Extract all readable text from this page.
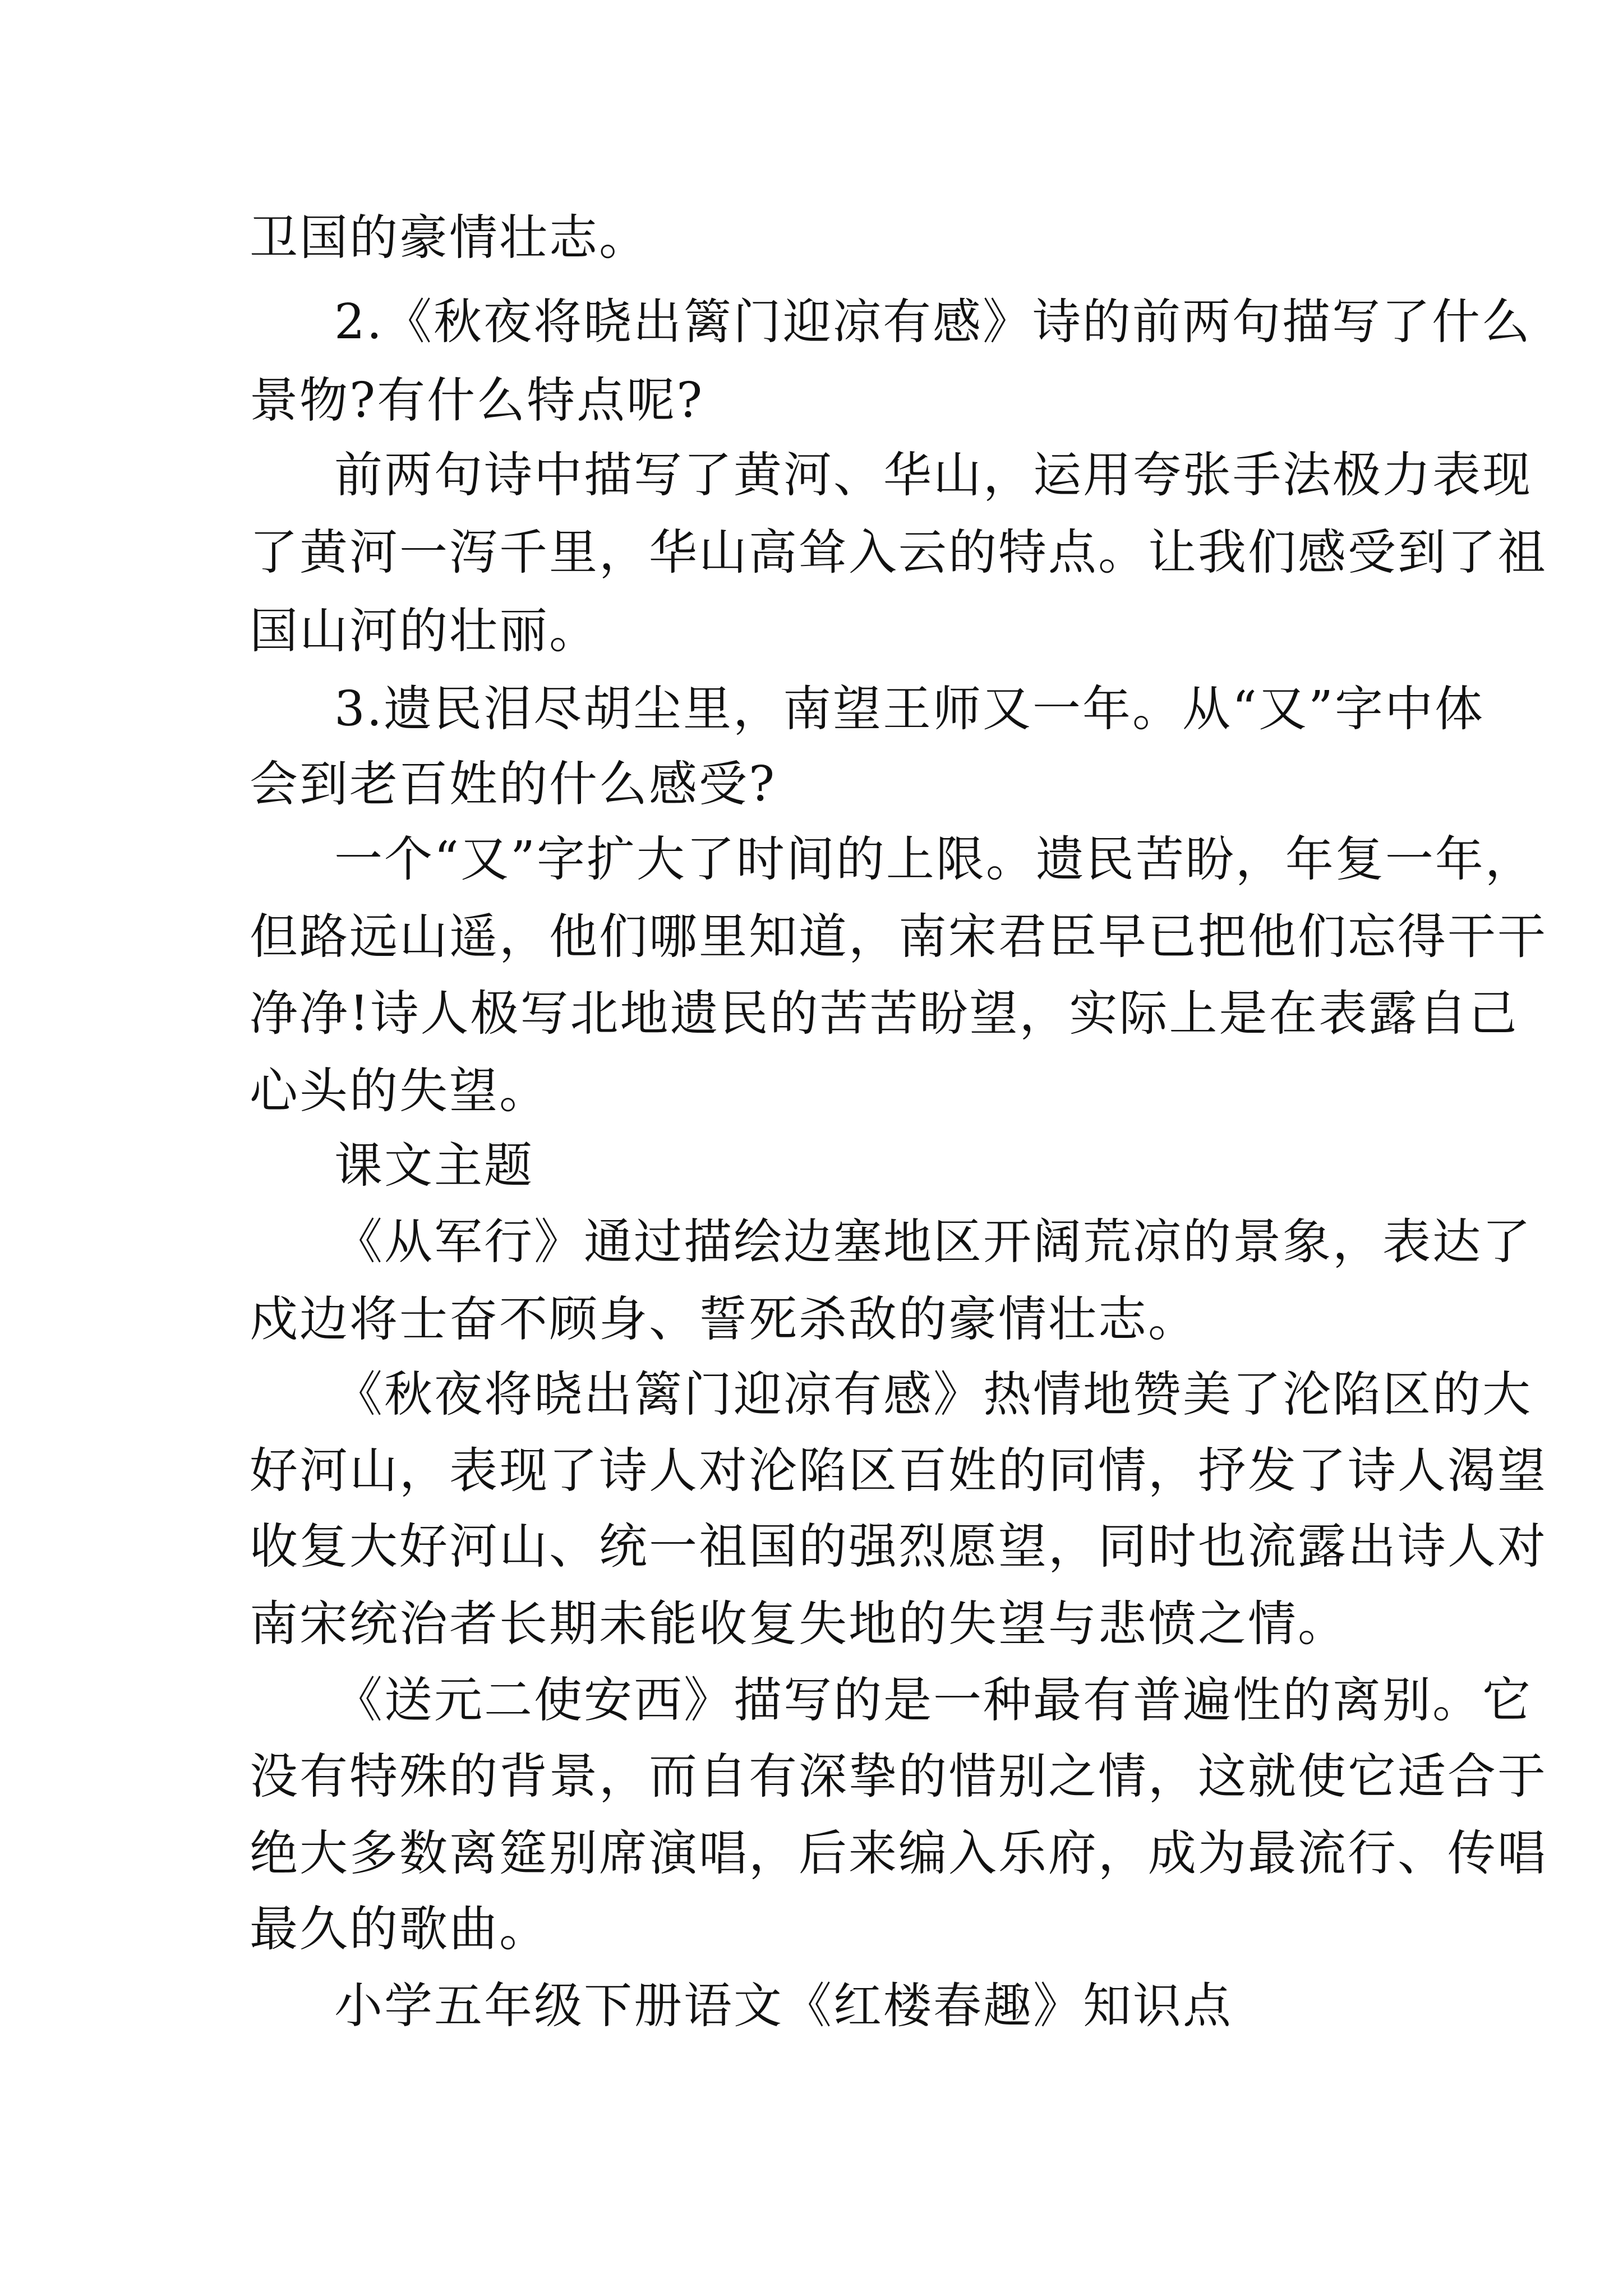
卫国的豪情壮志。
2.《秋夜将晓出篱门迎凉有感》诗的前两句描写了什么
景物?有什么特点呢?
前两句诗中描写了黄河、华山，运用夸张手法极力表现
了黄河一泻千里，华山高耸入云的特点。让我们感受到了祖
国山河的壮丽。
3.遗民泪尽胡尘里，南望王师又一年。从“又”字中体
会到老百姓的什么感受?
一个“又”字扩大了时间的上限。遗民苦盼，年复一年，
但路远山遥，他们哪里知道，南宋君臣早已把他们忘得干干
净净!诗人极写北地遗民的苦苦盼望，实际上是在表露自己
心头的失望。
课文主题
《从军行》通过描绘边塞地区开阔荒凉的景象，表达了
戍边将士奋不顾身、誓死杀敌的豪情壮志。
《秋夜将晓出篱门迎凉有感》热情地赞美了沦陷区的大
好河山，表现了诗人对沦陷区百姓的同情，抒发了诗人渴望
收复大好河山、统一祖国的强烈愿望，同时也流露出诗人对
南宋统治者长期未能收复失地的失望与悲愤之情。
《送元二使安西》描写的是一种最有普遍性的离别。它
没有特殊的背景，而自有深挚的惜别之情，这就使它适合于
绝大多数离筵别席演唱，后来编入乐府，成为最流行、传唱
最久的歌曲。
小学五年级下册语文《红楼春趣》知识点
